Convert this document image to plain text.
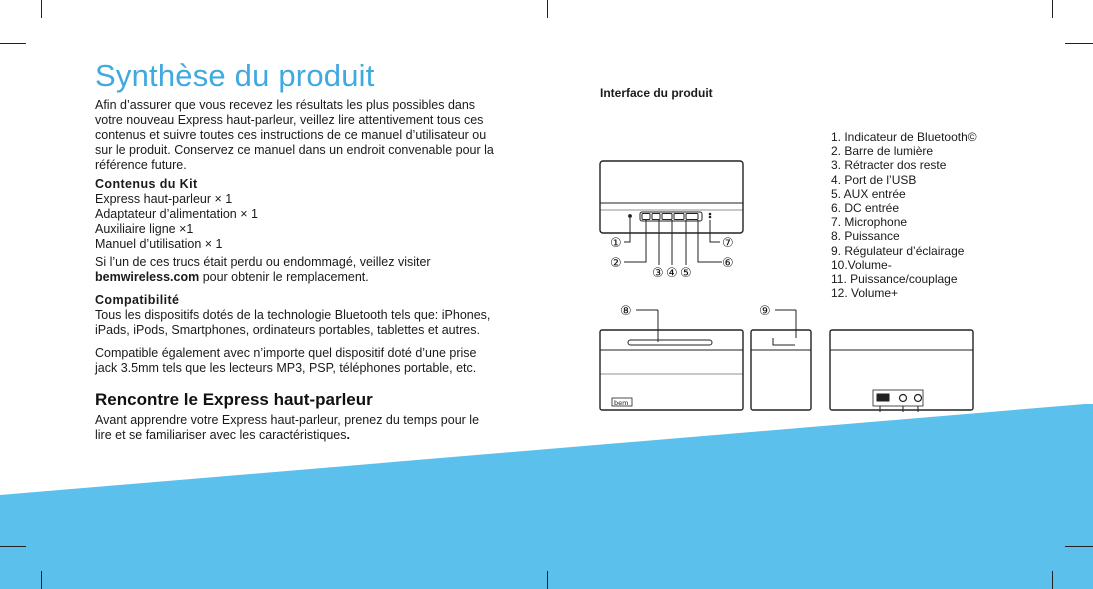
Synthèse du produit
Afin d’assurer que vous recevez les résultats les plus possibles dans
votre nouveau Express haut-parleur, veillez lire attentivement tous ces
contenus et suivre toutes ces instructions de ce manuel d’utilisateur ou
sur le produit. Conservez ce manuel dans un endroit convenable pour la
référence future.
Contenus du Kit
Express haut-parleur × 1
Adaptateur d’alimentation × 1
Auxiliaire ligne ×1
Manuel d’utilisation × 1
Si l’un de ces trucs était perdu ou endommagé, veillez visiter
bemwireless.com pour obtenir le remplacement.
Compatibilité
Tous les dispositifs dotés de la technologie Bluetooth tels que: iPhones,
iPads, iPods, Smartphones, ordinateurs portables, tablettes et autres.
Compatible également avec n’importe quel dispositif doté d’une prise
jack 3.5mm tels que les lecteurs MP3, PSP, téléphones portable, etc.
Rencontre le Express haut-parleur
Avant apprendre votre Express haut-parleur, prenez du temps pour le
lire et se familiariser avec les caractéristiques.
Interface du produit
1. Indicateur de Bluetooth©
2. Barre de lumière
3. Rétracter dos reste
4. Port de l’USB
5. AUX entrée
6. DC entrée
7. Microphone
8. Puissance
9. Régulateur d’éclairage
10.Volume-
11. Puissance/couplage
12. Volume+
①
②
③ ④ ⑤
⑥
⑦
⑧	⑨
bem
